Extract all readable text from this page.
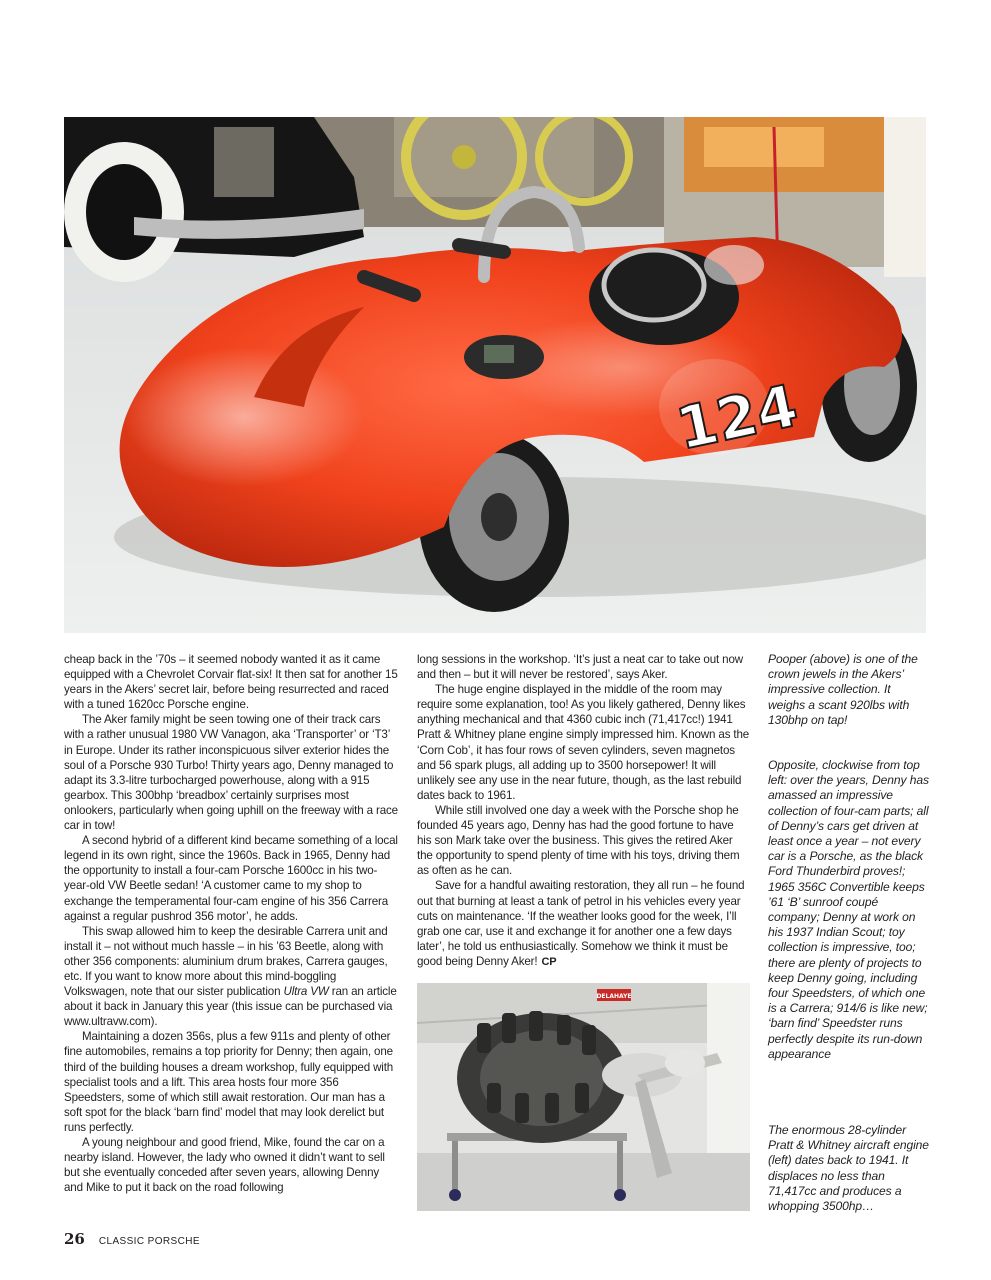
124

cheap back in the ’70s – it seemed nobody wanted it as it came equipped with a Chevrolet Corvair flat-six! It then sat for another 15 years in the Akers’ secret lair, before being resurrected and raced with a tuned 1620cc Porsche engine.

The Aker family might be seen towing one of their track cars with a rather unusual 1980 VW Vanagon, aka ‘Transporter’ or ‘T3’ in Europe. Under its rather inconspicuous silver exterior hides the soul of a Porsche 930 Turbo! Thirty years ago, Denny managed to adapt its 3.3-litre turbocharged powerhouse, along with a 915 gearbox. This 300bhp ‘breadbox’ certainly surprises most onlookers, particularly when going uphill on the freeway with a race car in tow!

A second hybrid of a different kind became something of a local legend in its own right, since the 1960s. Back in 1965, Denny had the opportunity to install a four-cam Porsche 1600cc in his two-year-old VW Beetle sedan! ‘A customer came to my shop to exchange the temperamental four-cam engine of his 356 Carrera against a regular pushrod 356 motor’, he adds.

This swap allowed him to keep the desirable Carrera unit and install it – not without much hassle – in his ’63 Beetle, along with other 356 components: aluminium drum brakes, Carrera gauges, etc. If you want to know more about this mind-boggling Volkswagen, note that our sister publication Ultra VW ran an article about it back in January this year (this issue can be purchased via www.ultravw.com).

Maintaining a dozen 356s, plus a few 911s and plenty of other fine automobiles, remains a top priority for Denny; then again, one third of the building houses a dream workshop, fully equipped with specialist tools and a lift. This area hosts four more 356 Speedsters, some of which still await restoration. Our man has a soft spot for the black ‘barn find’ model that may look derelict but runs perfectly.

A young neighbour and good friend, Mike, found the car on a nearby island. However, the lady who owned it didn’t want to sell but she eventually conceded after seven years, allowing Denny and Mike to put it back on the road following

long sessions in the workshop. ‘It’s just a neat car to take out now and then – but it will never be restored’, says Aker.

The huge engine displayed in the middle of the room may require some explanation, too! As you likely gathered, Denny likes anything mechanical and that 4360 cubic inch (71,417cc!) 1941 Pratt & Whitney plane engine simply impressed him. Known as the ‘Corn Cob’, it has four rows of seven cylinders, seven magnetos and 56 spark plugs, all adding up to 3500 horsepower! It will unlikely see any use in the near future, though, as the last rebuild dates back to 1961.

While still involved one day a week with the Porsche shop he founded 45 years ago, Denny has had the good fortune to have his son Mark take over the business. This gives the retired Aker the opportunity to spend plenty of time with his toys, driving them as often as he can.

Save for a handful awaiting restoration, they all run – he found out that burning at least a tank of petrol in his vehicles every year cuts on maintenance. ‘If the weather looks good for the week, I’ll grab one car, use it and exchange it for another one a few days later’, he told us enthusiastically. Somehow we think it must be good being Denny Aker! CP

DELAHAYE
Pooper (above) is one of the crown jewels in the Akers’ impressive collection. It weighs a scant 920lbs with 130bhp on tap!
Opposite, clockwise from top left: over the years, Denny has amassed an impressive collection of four-cam parts; all of Denny’s cars get driven at least once a year – not every car is a Porsche, as the black Ford Thunderbird proves!; 1965 356C Convertible keeps ’61 ‘B’ sunroof coupé company; Denny at work on his 1937 Indian Scout; toy collection is impressive, too; there are plenty of projects to keep Denny going, including four Speedsters, of which one is a Carrera; 914/6 is like new; ‘barn find’ Speedster runs perfectly despite its run-down appearance
The enormous 28-cylinder Pratt & Whitney aircraft engine (left) dates back to 1941. It displaces no less than 71,417cc and produces a whopping 3500hp…
26 CLASSIC PORSCHE
